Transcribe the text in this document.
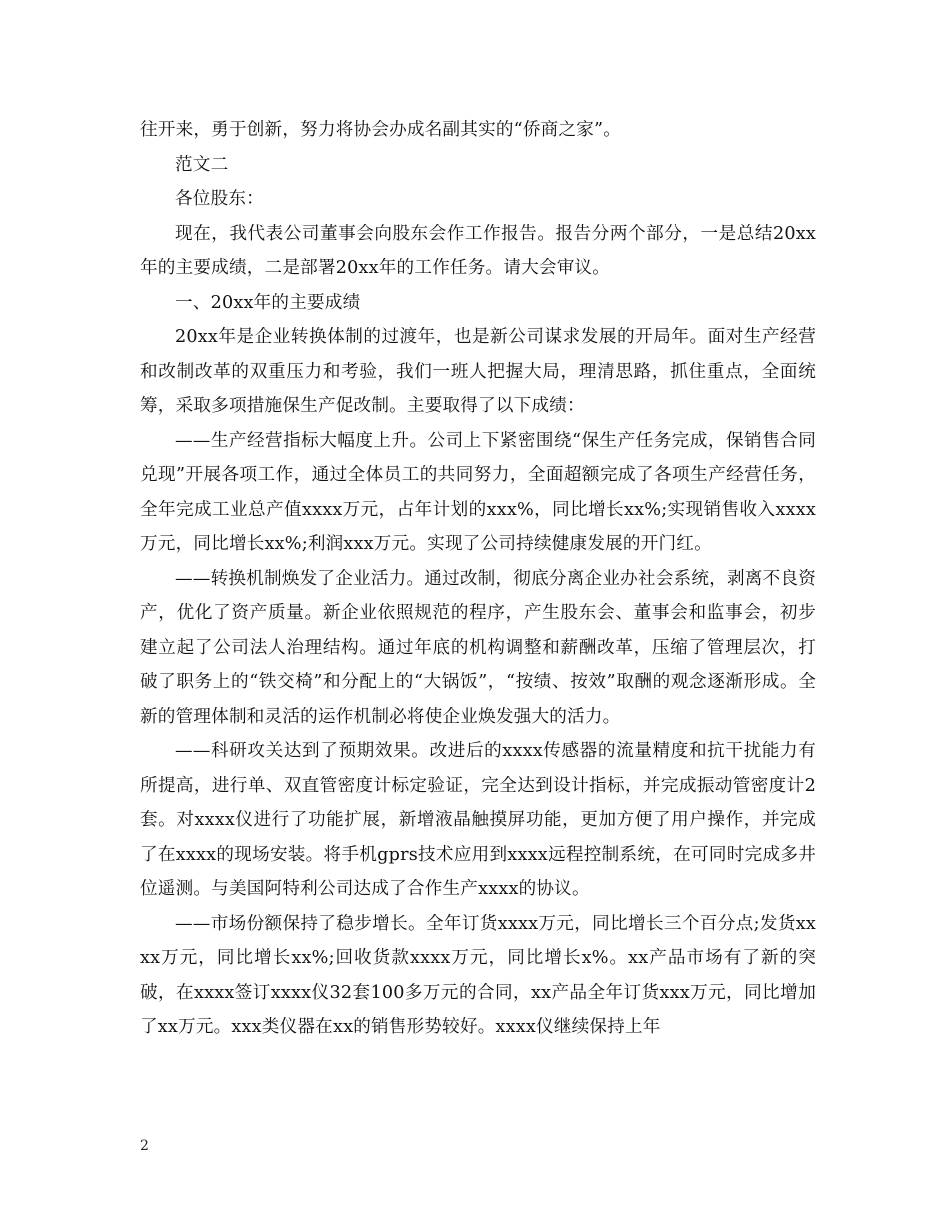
往开来，勇于创新，努力将协会办成名副其实的“侨商之家”。

范文二

各位股东：

现在，我代表公司董事会向股东会作工作报告。报告分两个部分，一是总结20xx年的主要成绩，二是部署20xx年的工作任务。请大会审议。

一、20xx年的主要成绩

20xx年是企业转换体制的过渡年，也是新公司谋求发展的开局年。面对生产经营和改制改革的双重压力和考验，我们一班人把握大局，理清思路，抓住重点，全面统筹，采取多项措施保生产促改制。主要取得了以下成绩：

——生产经营指标大幅度上升。公司上下紧密围绕“保生产任务完成，保销售合同兑现”开展各项工作，通过全体员工的共同努力，全面超额完成了各项生产经营任务，全年完成工业总产值xxxx万元，占年计划的xxx%，同比增长xx%;实现销售收入xxxx万元，同比增长xx%;利润xxx万元。实现了公司持续健康发展的开门红。

——转换机制焕发了企业活力。通过改制，彻底分离企业办社会系统，剥离不良资产，优化了资产质量。新企业依照规范的程序，产生股东会、董事会和监事会，初步建立起了公司法人治理结构。通过年底的机构调整和薪酬改革，压缩了管理层次，打破了职务上的“铁交椅”和分配上的“大锅饭”，“按绩、按效”取酬的观念逐渐形成。全新的管理体制和灵活的运作机制必将使企业焕发强大的活力。

——科研攻关达到了预期效果。改进后的xxxx传感器的流量精度和抗干扰能力有所提高，进行单、双直管密度计标定验证，完全达到设计指标，并完成振动管密度计2套。对xxxx仪进行了功能扩展，新增液晶触摸屏功能，更加方便了用户操作，并完成了在xxxx的现场安装。将手机gprs技术应用到xxxx远程控制系统，在可同时完成多井位遥测。与美国阿特利公司达成了合作生产xxxx的协议。

——市场份额保持了稳步增长。全年订货xxxx万元，同比增长三个百分点;发货xxxx万元，同比增长xx%;回收货款xxxx万元，同比增长x%。xx产品市场有了新的突破，在xxxx签订xxxx仪32套100多万元的合同，xx产品全年订货xxx万元，同比增加了xx万元。xxx类仪器在xx的销售形势较好。xxxx仪继续保持上年

2
